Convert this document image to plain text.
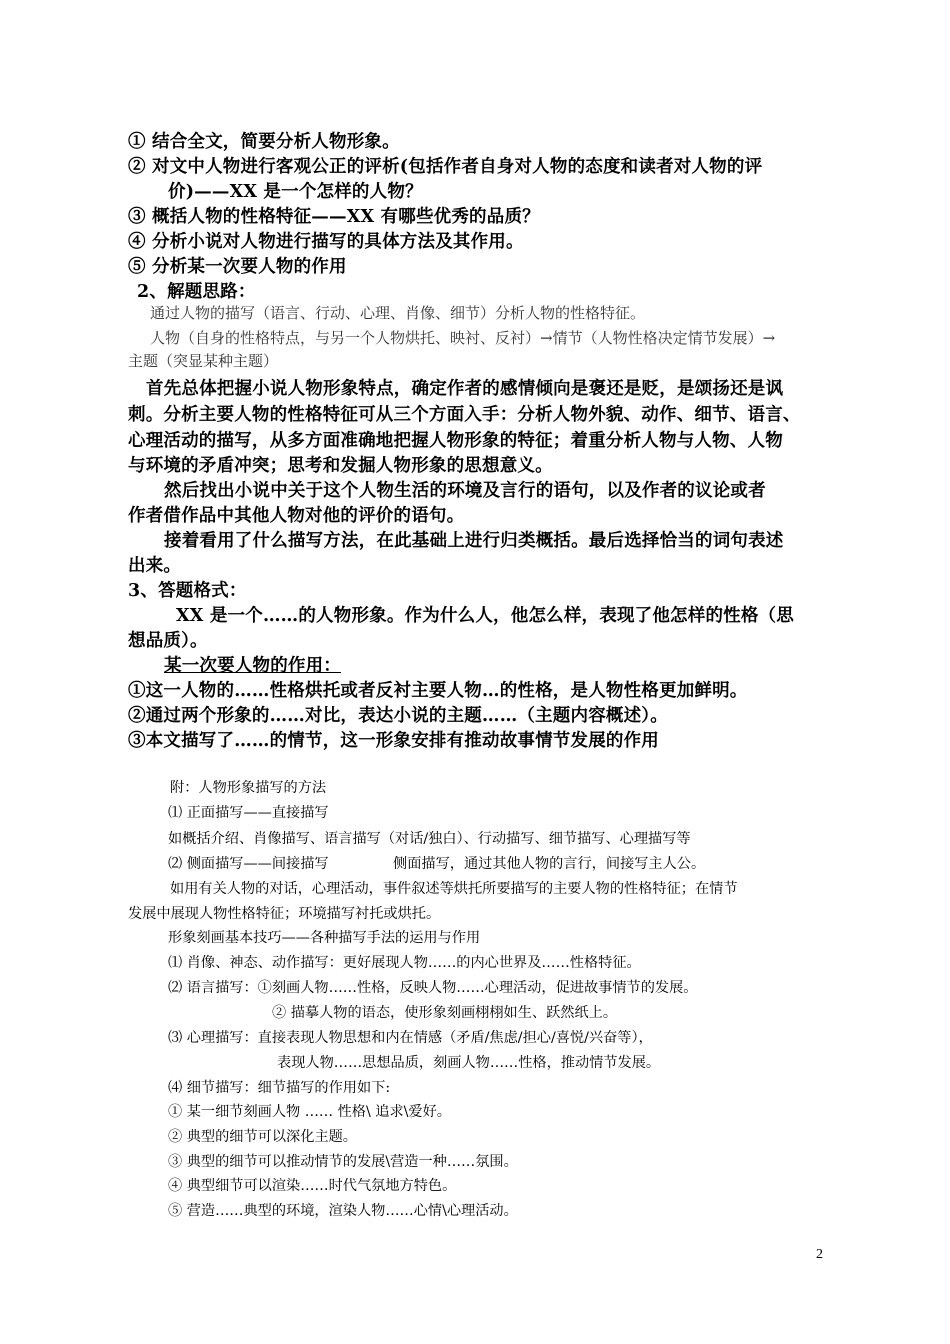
① 结合全文，简要分析人物形象。
② 对文中人物进行客观公正的评析(包括作者自身对人物的态度和读者对人物的评
价)——XX 是一个怎样的人物？
③ 概括人物的性格特征——XX 有哪些优秀的品质？
④ 分析小说对人物进行描写的具体方法及其作用。
⑤ 分析某一次要人物的作用
2、解题思路：
通过人物的描写（语言、行动、心理、肖像、细节）分析人物的性格特征。
人物（自身的性格特点，与另一个人物烘托、映衬、反衬）→情节（人物性格决定情节发展）→
主题（突显某种主题）
首先总体把握小说人物形象特点，确定作者的感情倾向是褒还是贬，是颂扬还是讽
刺。分析主要人物的性格特征可从三个方面入手：分析人物外貌、动作、细节、语言、
心理活动的描写，从多方面准确地把握人物形象的特征；着重分析人物与人物、人物
与环境的矛盾冲突；思考和发掘人物形象的思想意义。
然后找出小说中关于这个人物生活的环境及言行的语句，以及作者的议论或者
作者借作品中其他人物对他的评价的语句。
接着看用了什么描写方法，在此基础上进行归类概括。最后选择恰当的词句表述
出来。
3、答题格式：
XX 是一个……的人物形象。作为什么人，他怎么样，表现了他怎样的性格（思
想品质）。
某一次要人物的作用：
①这一人物的……性格烘托或者反衬主要人物…的性格，是人物性格更加鲜明。
②通过两个形象的……对比，表达小说的主题……（主题内容概述）。
③本文描写了……的情节，这一形象安排有推动故事情节发展的作用
附：人物形象描写的方法
⑴ 正面描写——直接描写
如概括介绍、肖像描写、语言描写（对话/独白）、行动描写、细节描写、心理描写等
⑵ 侧面描写——间接描写	侧面描写，通过其他人物的言行，间接写主人公。
如用有关人物的对话，心理活动，事件叙述等烘托所要描写的主要人物的性格特征；在情节
发展中展现人物性格特征；环境描写衬托或烘托。
形象刻画基本技巧——各种描写手法的运用与作用
⑴ 肖像、神态、动作描写：更好展现人物……的内心世界及……性格特征。
⑵ 语言描写：①刻画人物……性格，反映人物……心理活动，促进故事情节的发展。
② 描摹人物的语态，使形象刻画栩栩如生、跃然纸上。
⑶ 心理描写：直接表现人物思想和内在情感（矛盾/焦虑/担心/喜悦/兴奋等），
表现人物……思想品质，刻画人物……性格，推动情节发展。
⑷ 细节描写：细节描写的作用如下:
① 某一细节刻画人物 …… 性格\ 追求\爱好。
② 典型的细节可以深化主题。
③ 典型的细节可以推动情节的发展\营造一种……氛围。
④ 典型细节可以渲染……时代气氛地方特色。
⑤ 营造……典型的环境，渲染人物……心情\心理活动。
2
